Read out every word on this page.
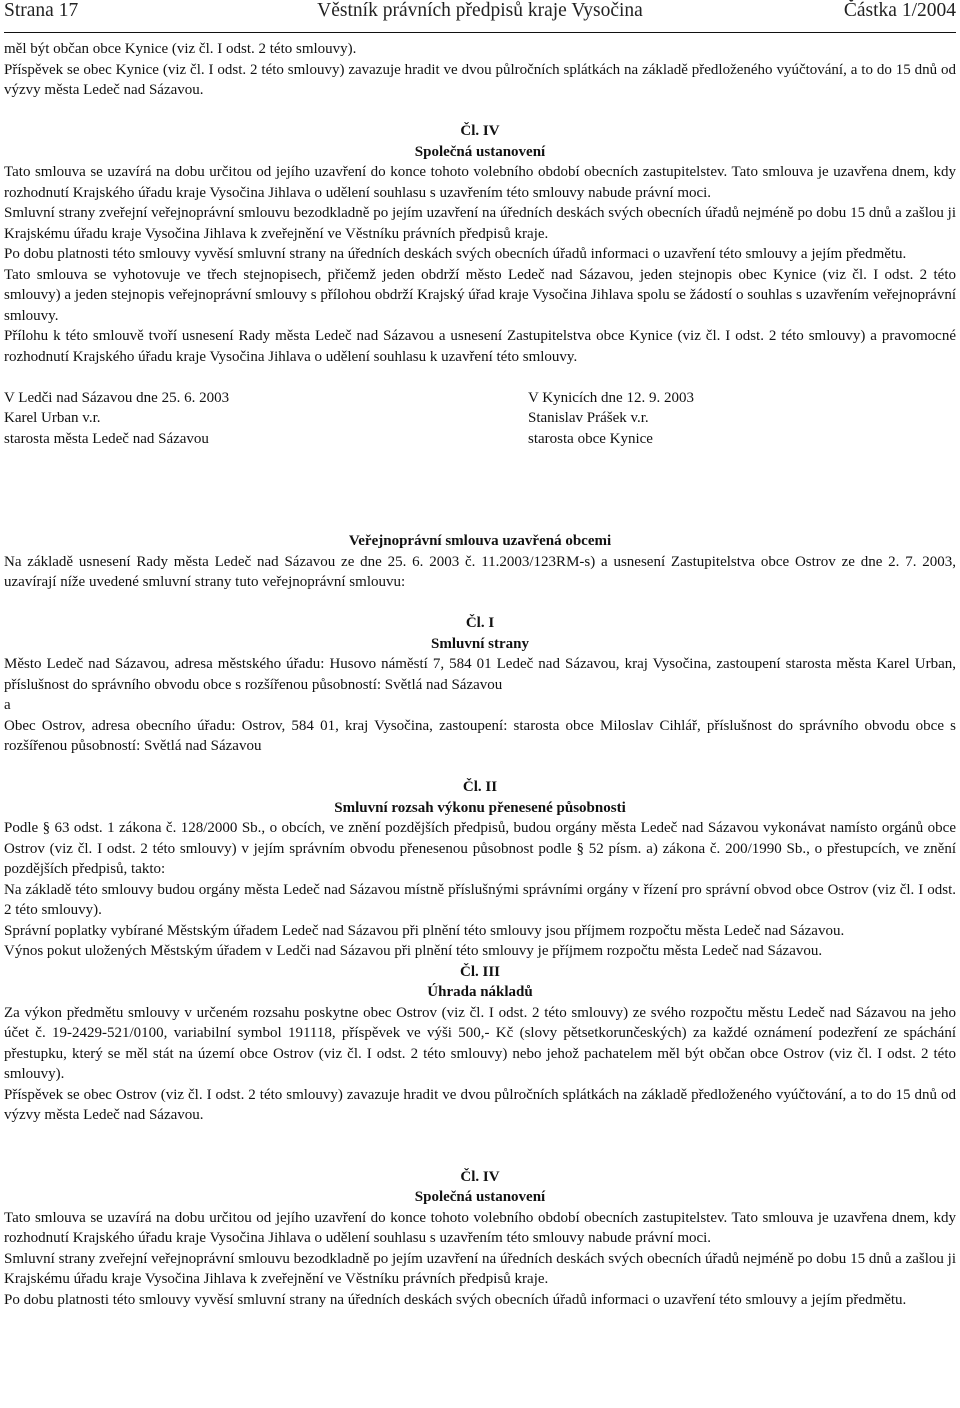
Strana 17	Věstník právních předpisů kraje Vysočina	Částka 1/2004

měl být občan obce Kynice (viz čl. I odst. 2 této smlouvy).

Příspěvek se obec Kynice (viz čl. I odst. 2 této smlouvy) zavazuje hradit ve dvou půlročních splátkách na základě předloženého vyúčtování, a to do 15 dnů od výzvy města Ledeč nad Sázavou.

Čl. IV

Společná ustanovení

Tato smlouva se uzavírá na dobu určitou od jejího uzavření do konce tohoto volebního období obecních zastupitelstev. Tato smlouva je uzavřena dnem, kdy rozhodnutí Krajského úřadu kraje Vysočina Jihlava o udělení souhlasu s uzavřením této smlouvy nabude právní moci.

Smluvní strany zveřejní veřejnoprávní smlouvu bezodkladně po jejím uzavření na úředních deskách svých obecních úřadů nejméně po dobu 15 dnů a zašlou ji Krajskému úřadu kraje Vysočina Jihlava k zveřejnění ve Věstníku právních předpisů kraje.

Po dobu platnosti této smlouvy vyvěsí smluvní strany na úředních deskách svých obecních úřadů informaci o uzavření této smlouvy a jejím předmětu.

Tato smlouva se vyhotovuje ve třech stejnopisech, přičemž jeden obdrží město Ledeč nad Sázavou, jeden stejnopis obec Kynice (viz čl. I odst. 2 této smlouvy) a jeden stejnopis veřejnoprávní smlouvy s přílohou obdrží Krajský úřad kraje Vysočina Jihlava spolu se žádostí o souhlas s uzavřením veřejnoprávní smlouvy.

Přílohu k této smlouvě tvoří usnesení Rady města Ledeč nad Sázavou a usnesení Zastupitelstva obce Kynice (viz čl. I odst. 2 této smlouvy) a pravomocné rozhodnutí Krajského úřadu kraje Vysočina Jihlava o udělení souhlasu k uzavření této smlouvy.

V Ledči nad Sázavou dne 25. 6. 2003

Karel Urban v.r.

starosta města Ledeč nad Sázavou

V Kynicích dne 12. 9. 2003

Stanislav Prášek v.r.

starosta obce Kynice

Veřejnoprávní smlouva uzavřená obcemi

Na základě usnesení Rady města Ledeč nad Sázavou ze dne 25. 6. 2003 č. 11.2003/123RM-s) a usnesení Zastupitelstva obce Ostrov ze dne 2. 7. 2003, uzavírají níže uvedené smluvní strany tuto veřejnoprávní smlouvu:

Čl. I

Smluvní strany

Město Ledeč nad Sázavou, adresa městského úřadu: Husovo náměstí 7, 584 01 Ledeč nad Sázavou, kraj Vysočina, zastoupení starosta města Karel Urban, příslušnost do správního obvodu obce s rozšířenou působností: Světlá nad Sázavou

a

Obec Ostrov, adresa obecního úřadu: Ostrov, 584 01, kraj Vysočina, zastoupení: starosta obce Miloslav Cihlář, příslušnost do správního obvodu obce s rozšířenou působností: Světlá nad Sázavou

Čl. II

Smluvní rozsah výkonu přenesené působnosti

Podle § 63 odst. 1 zákona č. 128/2000 Sb., o obcích, ve znění pozdějších předpisů, budou orgány města Ledeč nad Sázavou vykonávat namísto orgánů obce Ostrov (viz čl. I odst. 2 této smlouvy) v jejím správním obvodu přenesenou působnost podle § 52 písm. a) zákona č. 200/1990 Sb., o přestupcích, ve znění pozdějších předpisů, takto:

Na základě této smlouvy budou orgány města Ledeč nad Sázavou místně příslušnými správními orgány v řízení pro správní obvod obce Ostrov (viz čl. I odst. 2 této smlouvy).

Správní poplatky vybírané Městským úřadem Ledeč nad Sázavou při plnění této smlouvy jsou příjmem rozpočtu města Ledeč nad Sázavou.

Výnos pokut uložených Městským úřadem v Ledči nad Sázavou při plnění této smlouvy je příjmem rozpočtu města Ledeč nad Sázavou.

Čl. III

Úhrada nákladů

Za výkon předmětu smlouvy v určeném rozsahu poskytne obec Ostrov (viz čl. I odst. 2 této smlouvy) ze svého rozpočtu městu Ledeč nad Sázavou na jeho účet č. 19-2429-521/0100, variabilní symbol 191118, příspěvek ve výši 500,- Kč (slovy pětsetkorunčeských) za každé oznámení podezření ze spáchání přestupku, který se měl stát na území obce Ostrov (viz čl. I odst. 2 této smlouvy) nebo jehož pachatelem měl být občan obce Ostrov (viz čl. I odst. 2 této smlouvy).

Příspěvek se obec Ostrov (viz čl. I odst. 2 této smlouvy) zavazuje hradit ve dvou půlročních splátkách na základě předloženého vyúčtování, a to do 15 dnů od výzvy města Ledeč nad Sázavou.

Čl. IV

Společná ustanovení

Tato smlouva se uzavírá na dobu určitou od jejího uzavření do konce tohoto volebního období obecních zastupitelstev. Tato smlouva je uzavřena dnem, kdy rozhodnutí Krajského úřadu kraje Vysočina Jihlava o udělení souhlasu s uzavřením této smlouvy nabude právní moci.

Smluvní strany zveřejní veřejnoprávní smlouvu bezodkladně po jejím uzavření na úředních deskách svých obecních úřadů nejméně po dobu 15 dnů a zašlou ji Krajskému úřadu kraje Vysočina Jihlava k zveřejnění ve Věstníku právních předpisů kraje.

Po dobu platnosti této smlouvy vyvěsí smluvní strany na úředních deskách svých obecních úřadů informaci o uzavření této smlouvy a jejím předmětu.
